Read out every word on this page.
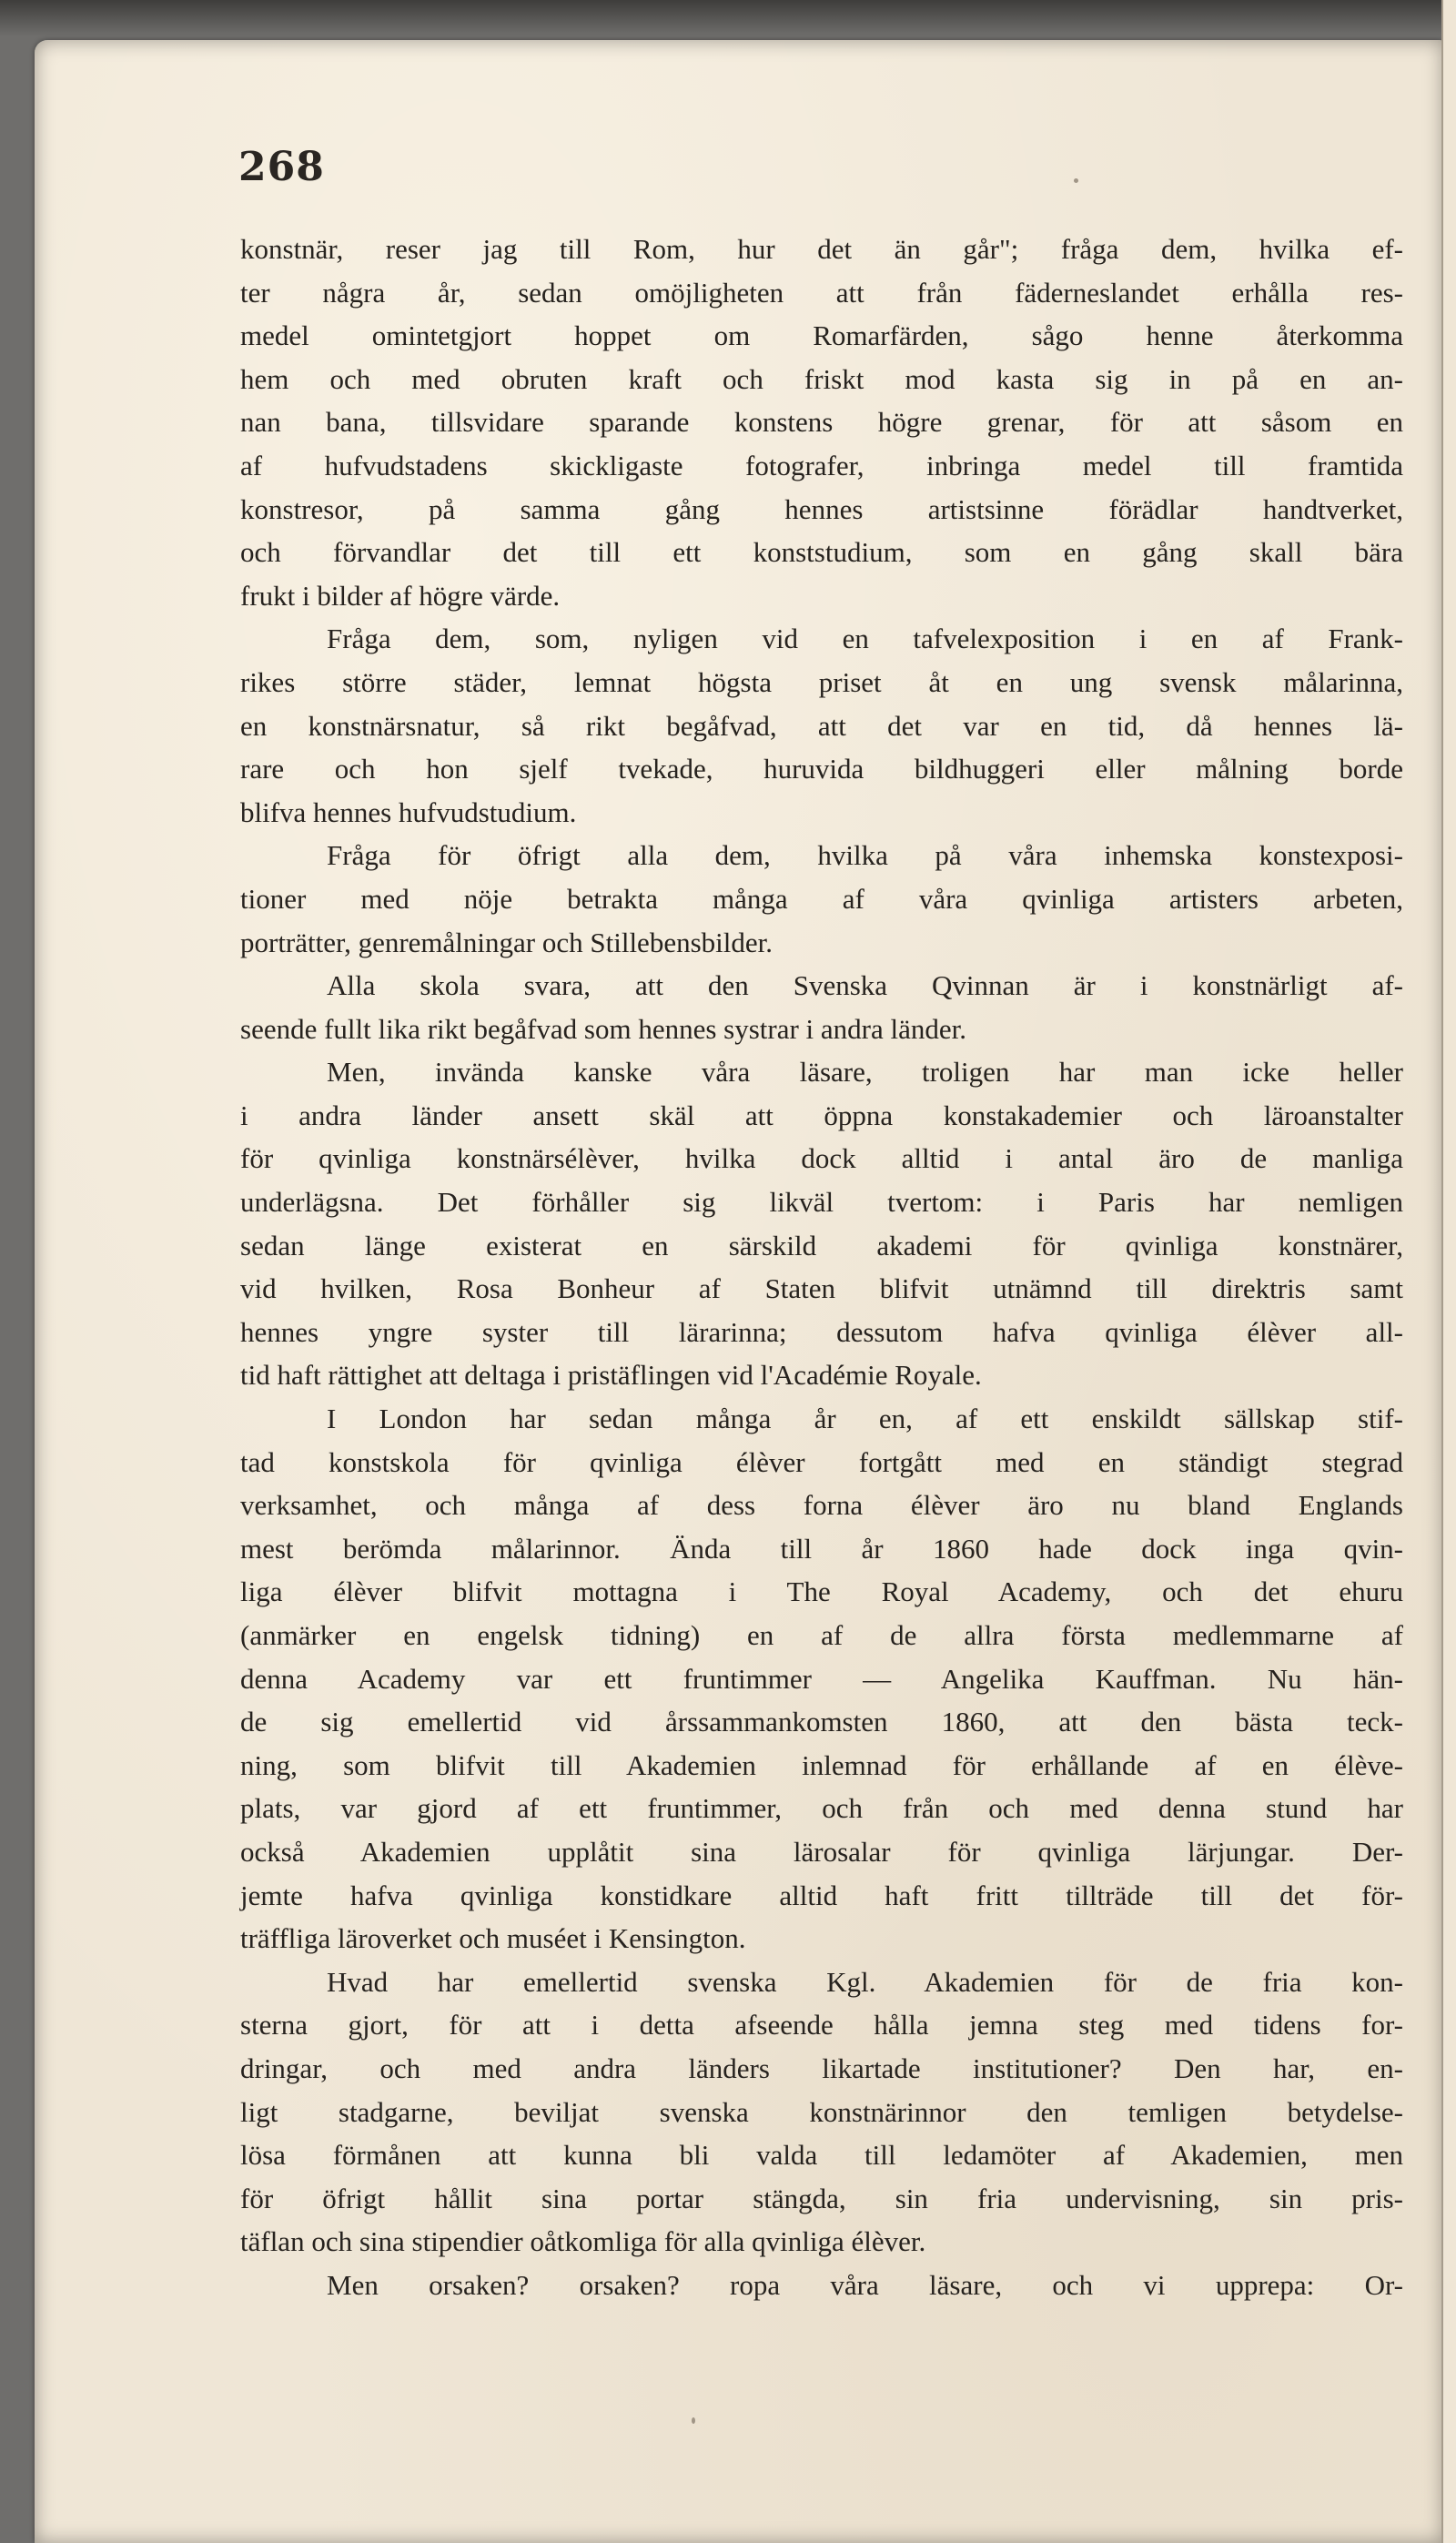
268
konstnär, reser jag till Rom, hur det än går"; fråga dem, hvilka ef-
ter några år, sedan omöjligheten att från fäderneslandet erhålla res-
medel omintetgjort hoppet om Romarfärden, sågo henne återkomma
hem och med obruten kraft och friskt mod kasta sig in på en an-
nan bana, tillsvidare sparande konstens högre grenar, för att såsom en
af hufvudstadens skickligaste fotografer, inbringa medel till framtida
konstresor, på samma gång hennes artistsinne förädlar handtverket,
och förvandlar det till ett konststudium, som en gång skall bära
frukt i bilder af högre värde.
Fråga dem, som, nyligen vid en tafvelexposition i en af Frank-
rikes större städer, lemnat högsta priset åt en ung svensk målarinna,
en konstnärsnatur, så rikt begåfvad, att det var en tid, då hennes lä-
rare och hon sjelf tvekade, huruvida bildhuggeri eller målning borde
blifva hennes hufvudstudium.
Fråga för öfrigt alla dem, hvilka på våra inhemska konstexposi-
tioner med nöje betrakta många af våra qvinliga artisters arbeten,
porträtter, genremålningar och Stillebensbilder.
Alla skola svara, att den Svenska Qvinnan är i konstnärligt af-
seende fullt lika rikt begåfvad som hennes systrar i andra länder.
Men, invända kanske våra läsare, troligen har man icke heller
i andra länder ansett skäl att öppna konstakademier och läroanstalter
för qvinliga konstnärsélèver, hvilka dock alltid i antal äro de manliga
underlägsna. Det förhåller sig likväl tvertom: i Paris har nemligen
sedan länge existerat en särskild akademi för qvinliga konstnärer,
vid hvilken, Rosa Bonheur af Staten blifvit utnämnd till direktris samt
hennes yngre syster till lärarinna; dessutom hafva qvinliga élèver all-
tid haft rättighet att deltaga i pristäflingen vid l'Académie Royale.
I London har sedan många år en, af ett enskildt sällskap stif-
tad konstskola för qvinliga élèver fortgått med en ständigt stegrad
verksamhet, och många af dess forna élèver äro nu bland Englands
mest berömda målarinnor. Ända till år 1860 hade dock inga qvin-
liga élèver blifvit mottagna i The Royal Academy, och det ehuru
(anmärker en engelsk tidning) en af de allra första medlemmarne af
denna Academy var ett fruntimmer — Angelika Kauffman. Nu hän-
de sig emellertid vid årssammankomsten 1860, att den bästa teck-
ning, som blifvit till Akademien inlemnad för erhållande af en élève-
plats, var gjord af ett fruntimmer, och från och med denna stund har
också Akademien upplåtit sina lärosalar för qvinliga lärjungar. Der-
jemte hafva qvinliga konstidkare alltid haft fritt tillträde till det för-
träffliga läroverket och muséet i Kensington.
Hvad har emellertid svenska Kgl. Akademien för de fria kon-
sterna gjort, för att i detta afseende hålla jemna steg med tidens for-
dringar, och med andra länders likartade institutioner? Den har, en-
ligt stadgarne, beviljat svenska konstnärinnor den temligen betydelse-
lösa förmånen att kunna bli valda till ledamöter af Akademien, men
för öfrigt hållit sina portar stängda, sin fria undervisning, sin pris-
täflan och sina stipendier oåtkomliga för alla qvinliga élèver.
Men orsaken? orsaken? ropa våra läsare, och vi upprepa: Or-
